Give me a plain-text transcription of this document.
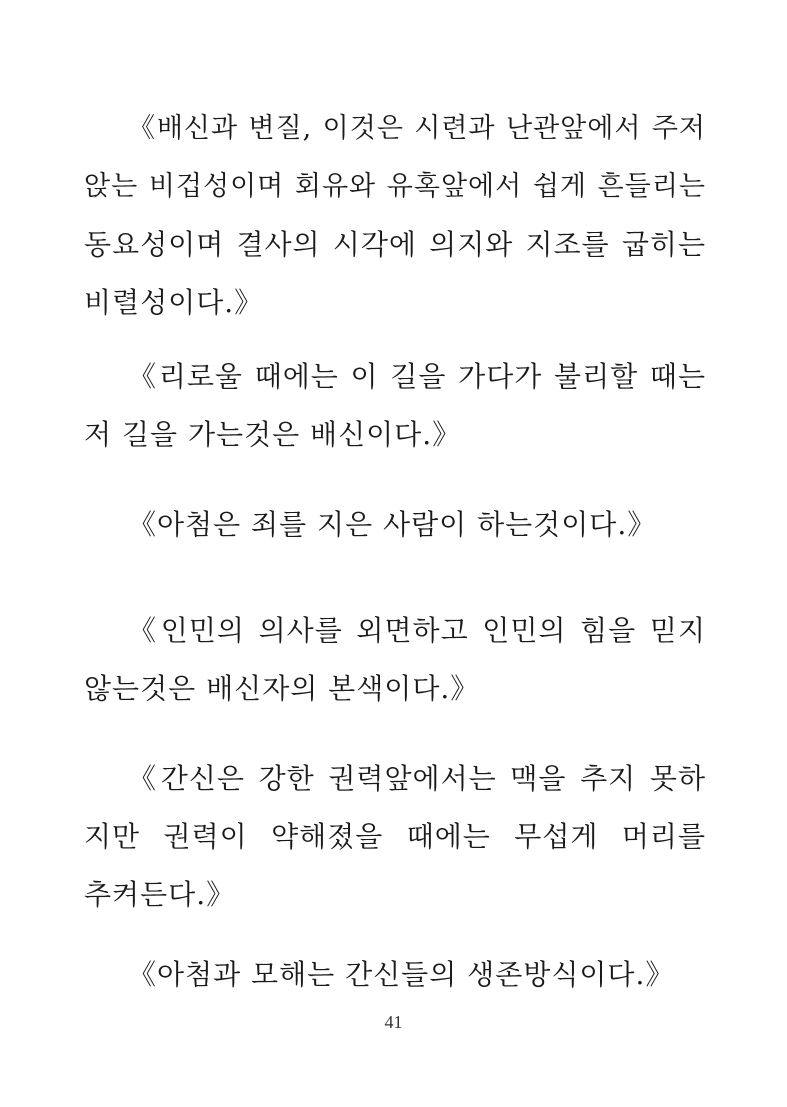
《배신과 변질, 이것은 시련과 난관앞에서 주저
앉는 비겁성이며 회유와 유혹앞에서 쉽게 흔들리는
동요성이며 결사의 시각에 의지와 지조를 굽히는
비렬성이다.》
《리로울 때에는 이 길을 가다가 불리할 때는
저 길을 가는것은 배신이다.》
《아첨은 죄를 지은 사람이 하는것이다.》
《인민의 의사를 외면하고 인민의 힘을 믿지
않는것은 배신자의 본색이다.》
《간신은 강한 권력앞에서는 맥을 추지 못하
지만 권력이 약해졌을 때에는 무섭게 머리를
추켜든다.》
《아첨과 모해는 간신들의 생존방식이다.》
41
